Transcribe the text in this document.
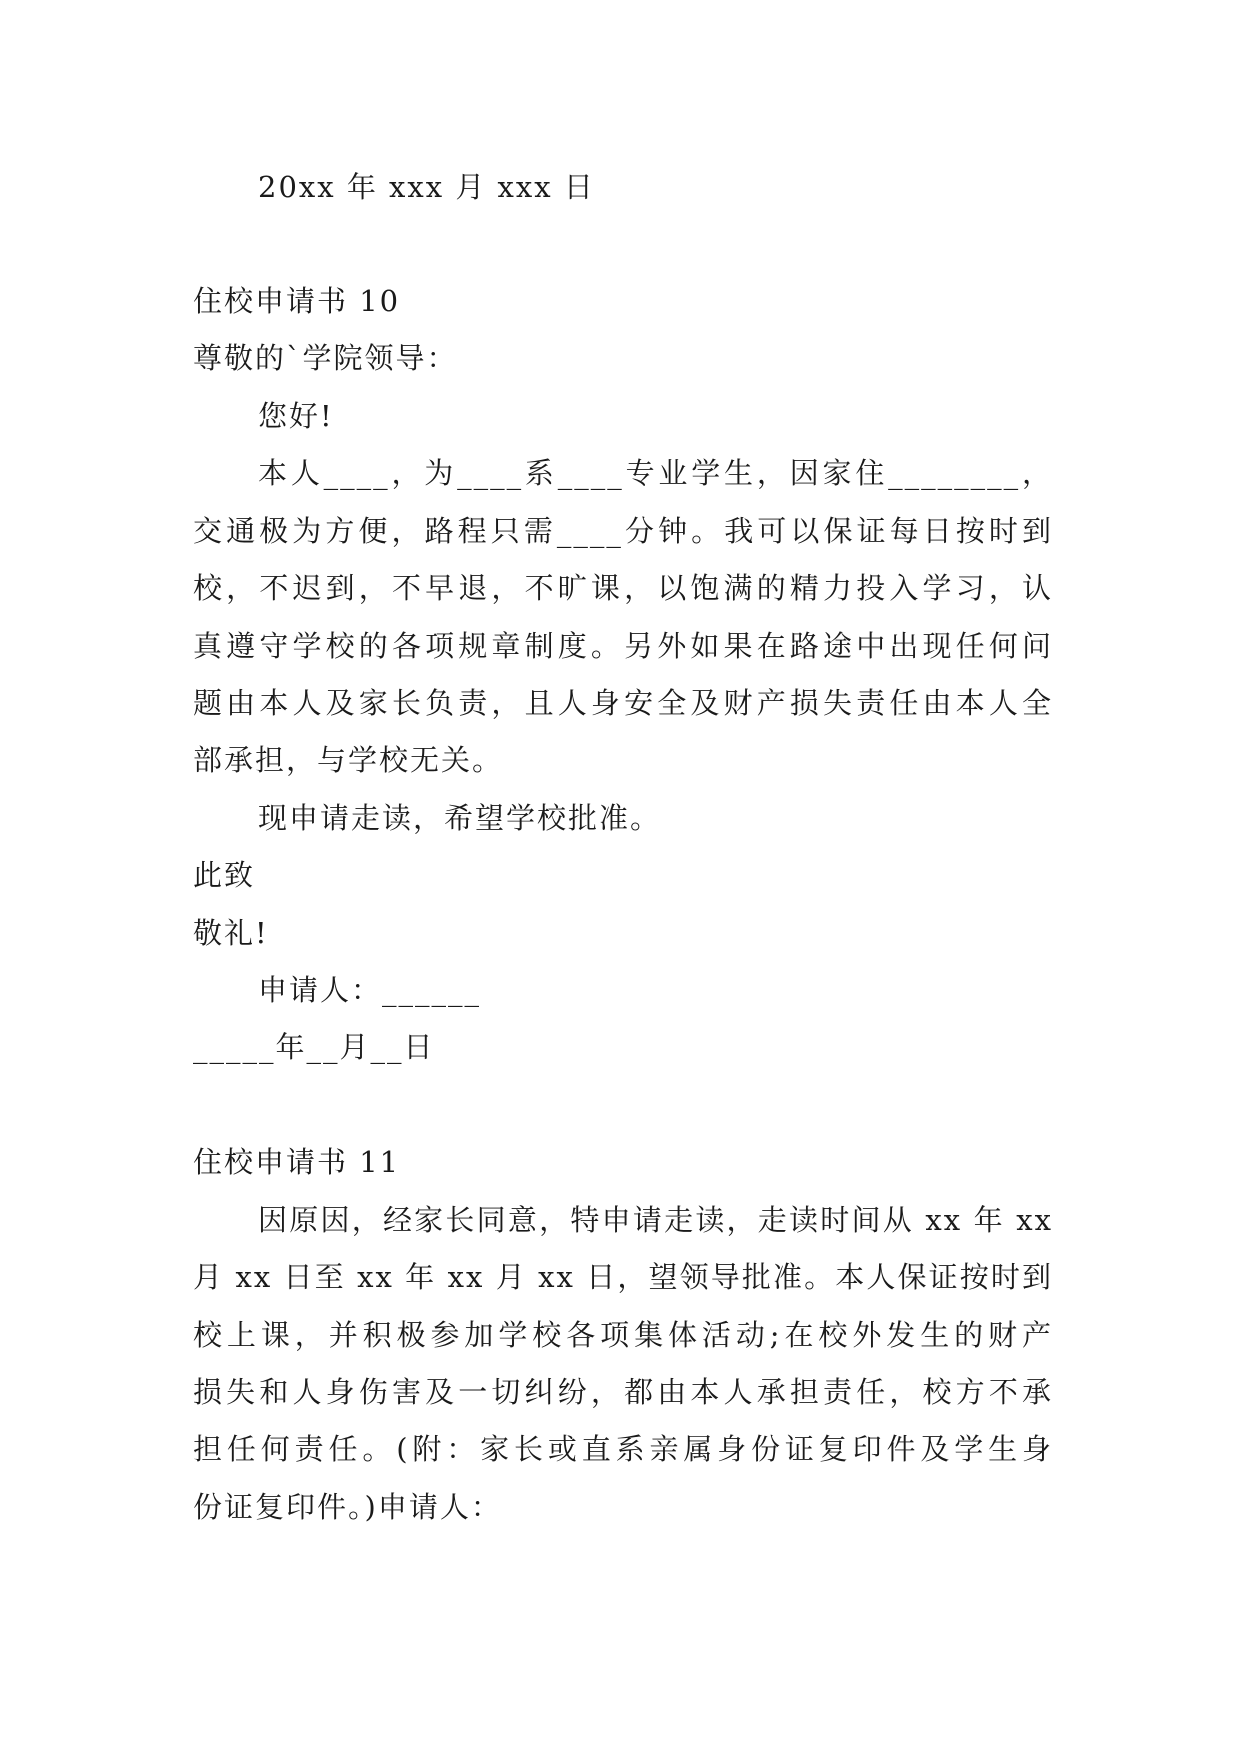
20xx 年 xxx 月 xxx 日
住校申请书 10
尊敬的`学院领导：
您好!
本人____，为____系____专业学生，因家住________，
交通极为方便，路程只需____分钟。我可以保证每日按时到
校，不迟到，不早退，不旷课，以饱满的精力投入学习，认
真遵守学校的各项规章制度。另外如果在路途中出现任何问
题由本人及家长负责，且人身安全及财产损失责任由本人全
部承担，与学校无关。
现申请走读，希望学校批准。
此致
敬礼!
申请人：______
_____年__月__日
住校申请书 11
因原因，经家长同意，特申请走读，走读时间从 xx 年 xx
月 xx 日至 xx 年 xx 月 xx 日，望领导批准。本人保证按时到
校上课，并积极参加学校各项集体活动;在校外发生的财产
损失和人身伤害及一切纠纷，都由本人承担责任，校方不承
担任何责任。(附：家长或直系亲属身份证复印件及学生身
份证复印件。)申请人：
